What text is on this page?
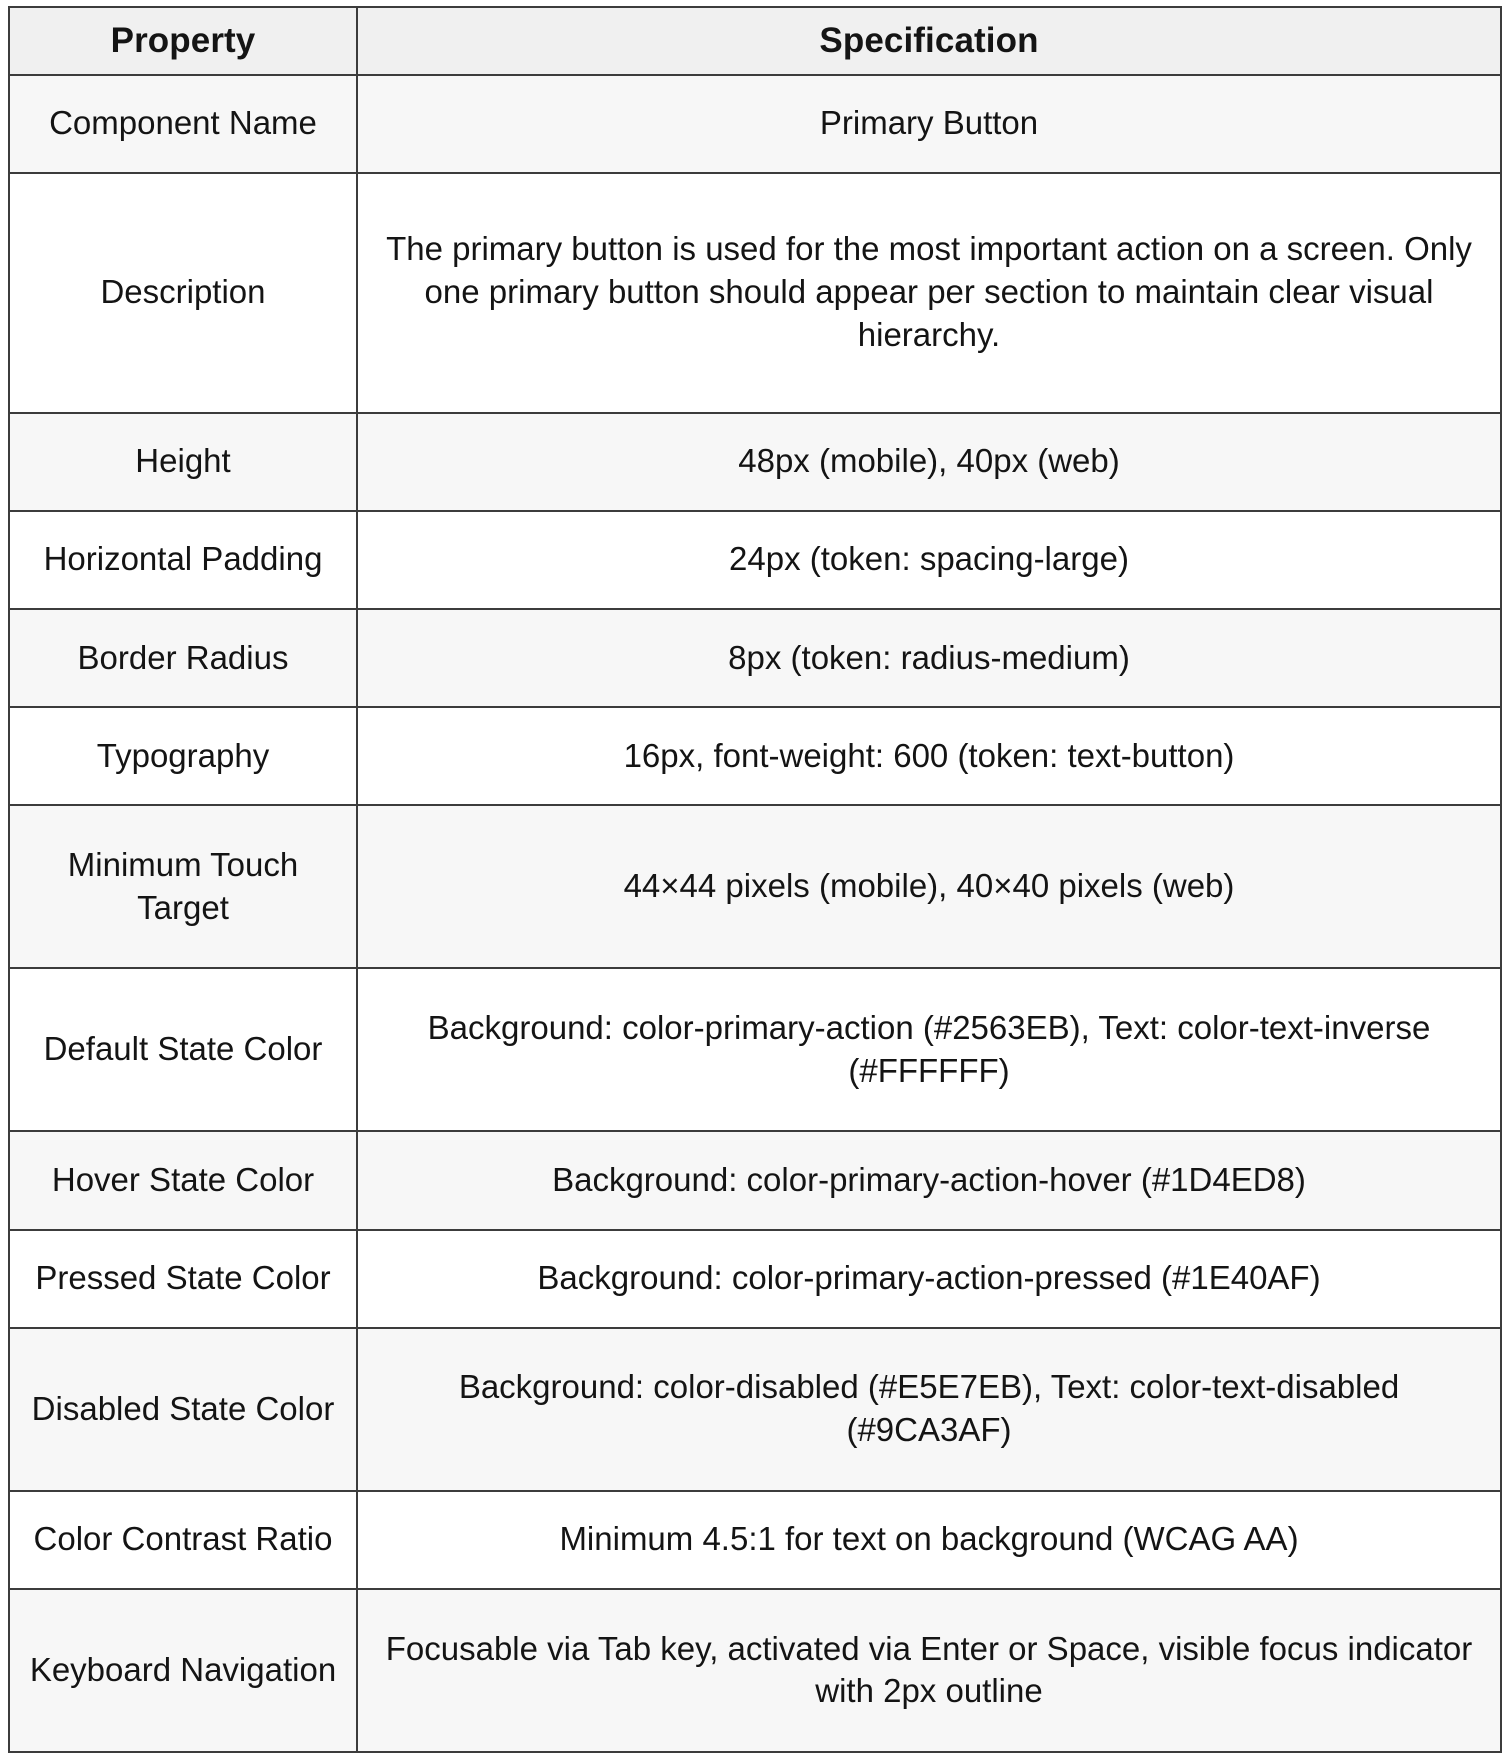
Property	Specification
Component Name	Primary Button
Description	The primary button is used for the most important action on a screen. Only one primary button should appear per section to maintain clear visual hierarchy.
Height	48px (mobile), 40px (web)
Horizontal Padding	24px (token: spacing-large)
Border Radius	8px (token: radius-medium)
Typography	16px, font-weight: 600 (token: text-button)
Minimum Touch Target	44×44 pixels (mobile), 40×40 pixels (web)
Default State Color	Background: color-primary-action (#2563EB), Text: color-text-inverse (#FFFFFF)
Hover State Color	Background: color-primary-action-hover (#1D4ED8)
Pressed State Color	Background: color-primary-action-pressed (#1E40AF)
Disabled State Color	Background: color-disabled (#E5E7EB), Text: color-text-disabled (#9CA3AF)
Color Contrast Ratio	Minimum 4.5:1 for text on background (WCAG AA)
Keyboard Navigation	Focusable via Tab key, activated via Enter or Space, visible focus indicator with 2px outline
